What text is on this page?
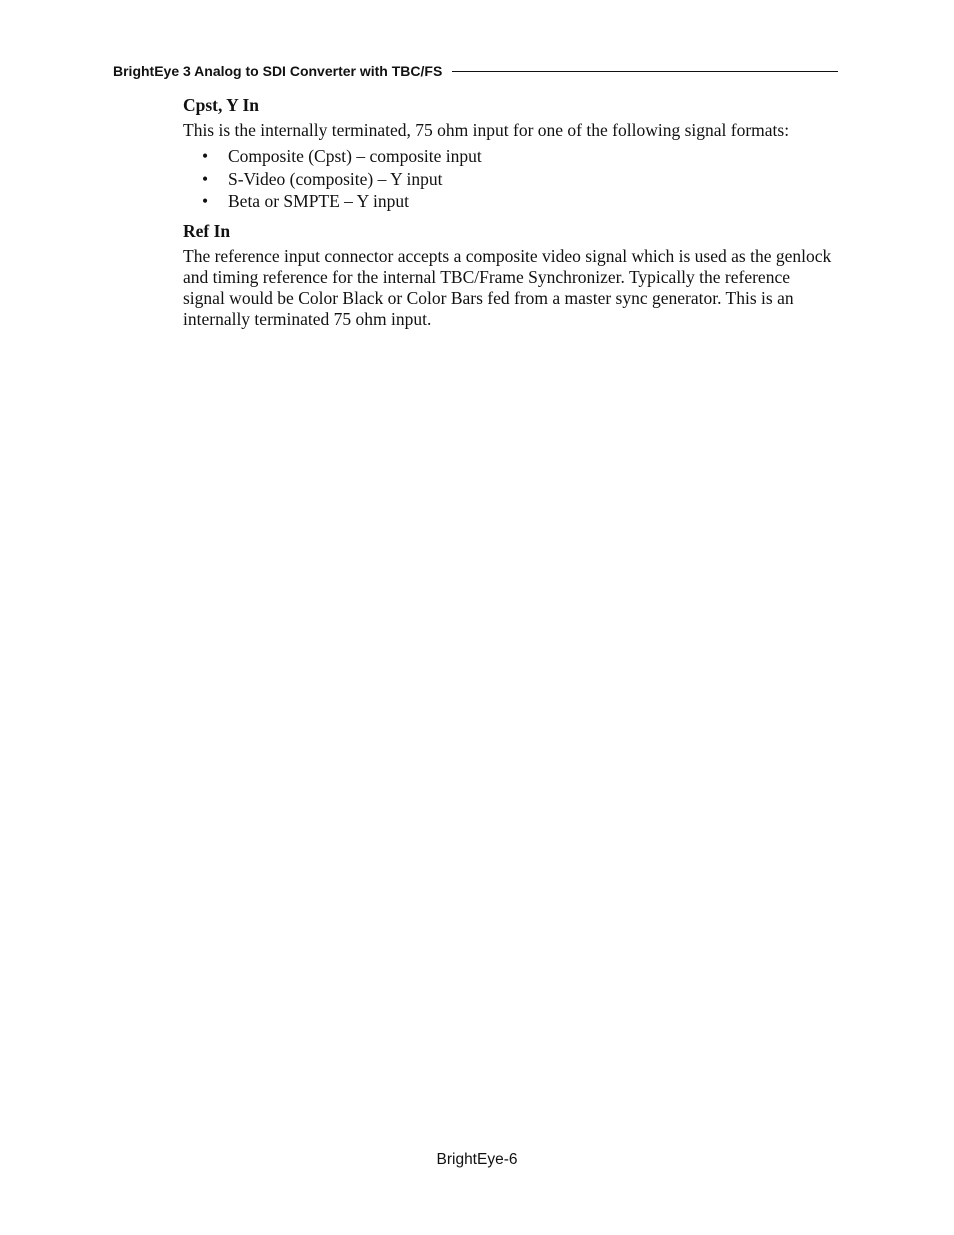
BrightEye 3 Analog to SDI Converter with TBC/FS
Cpst, Y In

This is the internally terminated, 75 ohm input for one of the following signal formats:

•	Composite (Cpst) – composite input
•	S-Video (composite) – Y input
•	Beta or SMPTE – Y input
Ref In

The reference input connector accepts a composite video signal which is used as the genlock and timing reference for the internal TBC/Frame Synchronizer. Typically the reference signal would be Color Black or Color Bars fed from a master sync generator. This is an internally terminated 75 ohm input.

BrightEye-6
